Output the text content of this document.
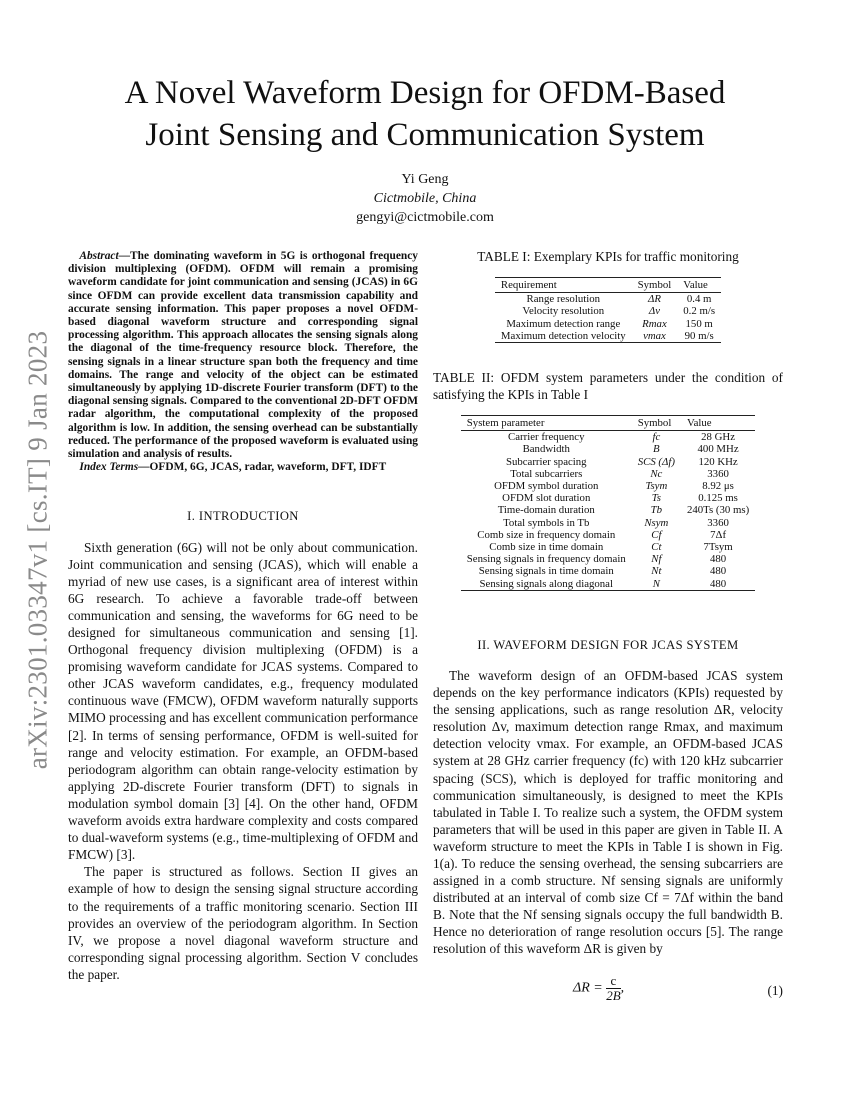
arXiv:2301.03347v1 [cs.IT] 9 Jan 2023
A Novel Waveform Design for OFDM-Based
Joint Sensing and Communication System
Yi Geng
Cictmobile, China
gengyi@cictmobile.com

Abstract—The dominating waveform in 5G is orthogonal frequency division multiplexing (OFDM). OFDM will remain a promising waveform candidate for joint communication and sensing (JCAS) in 6G since OFDM can provide excellent data transmission capability and accurate sensing information. This paper proposes a novel OFDM-based diagonal waveform structure and corresponding signal processing algorithm. This approach allocates the sensing signals along the diagonal of the time-frequency resource block. Therefore, the sensing signals in a linear structure span both the frequency and time domains. The range and velocity of the object can be estimated simultaneously by applying 1D-discrete Fourier transform (DFT) to the diagonal sensing signals. Compared to the conventional 2D-DFT OFDM radar algorithm, the computational complexity of the proposed algorithm is low. In addition, the sensing overhead can be substantially reduced. The performance of the proposed waveform is evaluated using simulation and analysis of results.

Index Terms—OFDM, 6G, JCAS, radar, waveform, DFT, IDFT

I. INTRODUCTION

Sixth generation (6G) will not be only about communication. Joint communication and sensing (JCAS), which will enable a myriad of new use cases, is a significant area of interest within 6G research. To achieve a favorable trade-off between communication and sensing, the waveforms for 6G need to be designed for simultaneous communication and sensing [1]. Orthogonal frequency division multiplexing (OFDM) is a promising waveform candidate for JCAS systems. Compared to other JCAS waveform candidates, e.g., frequency modulated continuous wave (FMCW), OFDM waveform naturally supports MIMO processing and has excellent communication performance [2]. In terms of sensing performance, OFDM is well-suited for range and velocity estimation. For example, an OFDM-based periodogram algorithm can obtain range-velocity estimation by applying 2D-discrete Fourier transform (DFT) to signals in modulation symbol domain [3] [4]. On the other hand, OFDM waveform avoids extra hardware complexity and costs compared to dual-waveform systems (e.g., time-multiplexing of OFDM and FMCW) [3].

The paper is structured as follows. Section II gives an example of how to design the sensing signal structure according to the requirements of a traffic monitoring scenario. Section III provides an overview of the periodogram algorithm. In Section IV, we propose a novel diagonal waveform structure and corresponding signal processing algorithm. Section V concludes the paper.

TABLE I: Exemplary KPIs for traffic monitoring

Requirement	Symbol	Value
Range resolution	ΔR	0.4 m
Velocity resolution	Δv	0.2 m/s
Maximum detection range	Rmax	150 m
Maximum detection velocity	vmax	90 m/s

TABLE II: OFDM system parameters under the condition of satisfying the KPIs in Table I

System parameter	Symbol	Value
Carrier frequency	fc	28 GHz
Bandwidth	B	400 MHz
Subcarrier spacing	SCS (Δf)	120 KHz
Total subcarriers	Nc	3360
OFDM symbol duration	Tsym	8.92 μs
OFDM slot duration	Ts	0.125 ms
Time-domain duration	Tb	240Ts (30 ms)
Total symbols in Tb	Nsym	3360
Comb size in frequency domain	Cf	7Δf
Comb size in time domain	Ct	7Tsym
Sensing signals in frequency domain	Nf	480
Sensing signals in time domain	Nt	480
Sensing signals along diagonal	N	480
II. WAVEFORM DESIGN FOR JCAS SYSTEM

The waveform design of an OFDM-based JCAS system depends on the key performance indicators (KPIs) requested by the sensing applications, such as range resolution ΔR, velocity resolution Δv, maximum detection range Rmax, and maximum detection velocity vmax. For example, an OFDM-based JCAS system at 28 GHz carrier frequency (fc) with 120 kHz subcarrier spacing (SCS), which is deployed for traffic monitoring and communication simultaneously, is designed to meet the KPIs tabulated in Table I. To realize such a system, the OFDM system parameters that will be used in this paper are given in Table II. A waveform structure to meet the KPIs in Table I is shown in Fig. 1(a). To reduce the sensing overhead, the sensing subcarriers are assigned in a comb structure. Nf sensing signals are uniformly distributed at an interval of comb size Cf = 7Δf within the band B. Note that the Nf sensing signals occupy the full bandwidth B. Hence no deterioration of range resolution occurs [5]. The range resolution of this waveform ΔR is given by

$\Delta R = \frac{c}{2B}$ ,	(1)
